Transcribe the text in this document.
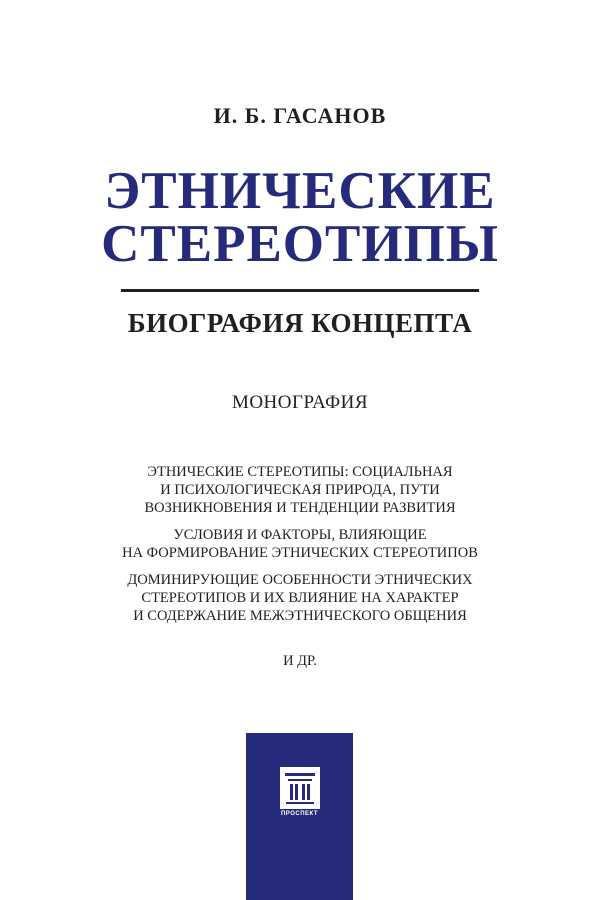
И. Б. ГАСАНОВ
ЭТНИЧЕСКИЕ
СТЕРЕОТИПЫ
БИОГРАФИЯ КОНЦЕПТА
МОНОГРАФИЯ
ЭТНИЧЕСКИЕ СТЕРЕОТИПЫ: СОЦИАЛЬНАЯ
И ПСИХОЛОГИЧЕСКАЯ ПРИРОДА, ПУТИ
ВОЗНИКНОВЕНИЯ И ТЕНДЕНЦИИ РАЗВИТИЯ
УСЛОВИЯ И ФАКТОРЫ, ВЛИЯЮЩИЕ
НА ФОРМИРОВАНИЕ ЭТНИЧЕСКИХ СТЕРЕОТИПОВ
ДОМИНИРУЮЩИЕ ОСОБЕННОСТИ ЭТНИЧЕСКИХ
СТЕРЕОТИПОВ И ИХ ВЛИЯНИЕ НА ХАРАКТЕР
И СОДЕРЖАНИЕ МЕЖЭТНИЧЕСКОГО ОБЩЕНИЯ
И ДР.
ПРОСПЕКТ
